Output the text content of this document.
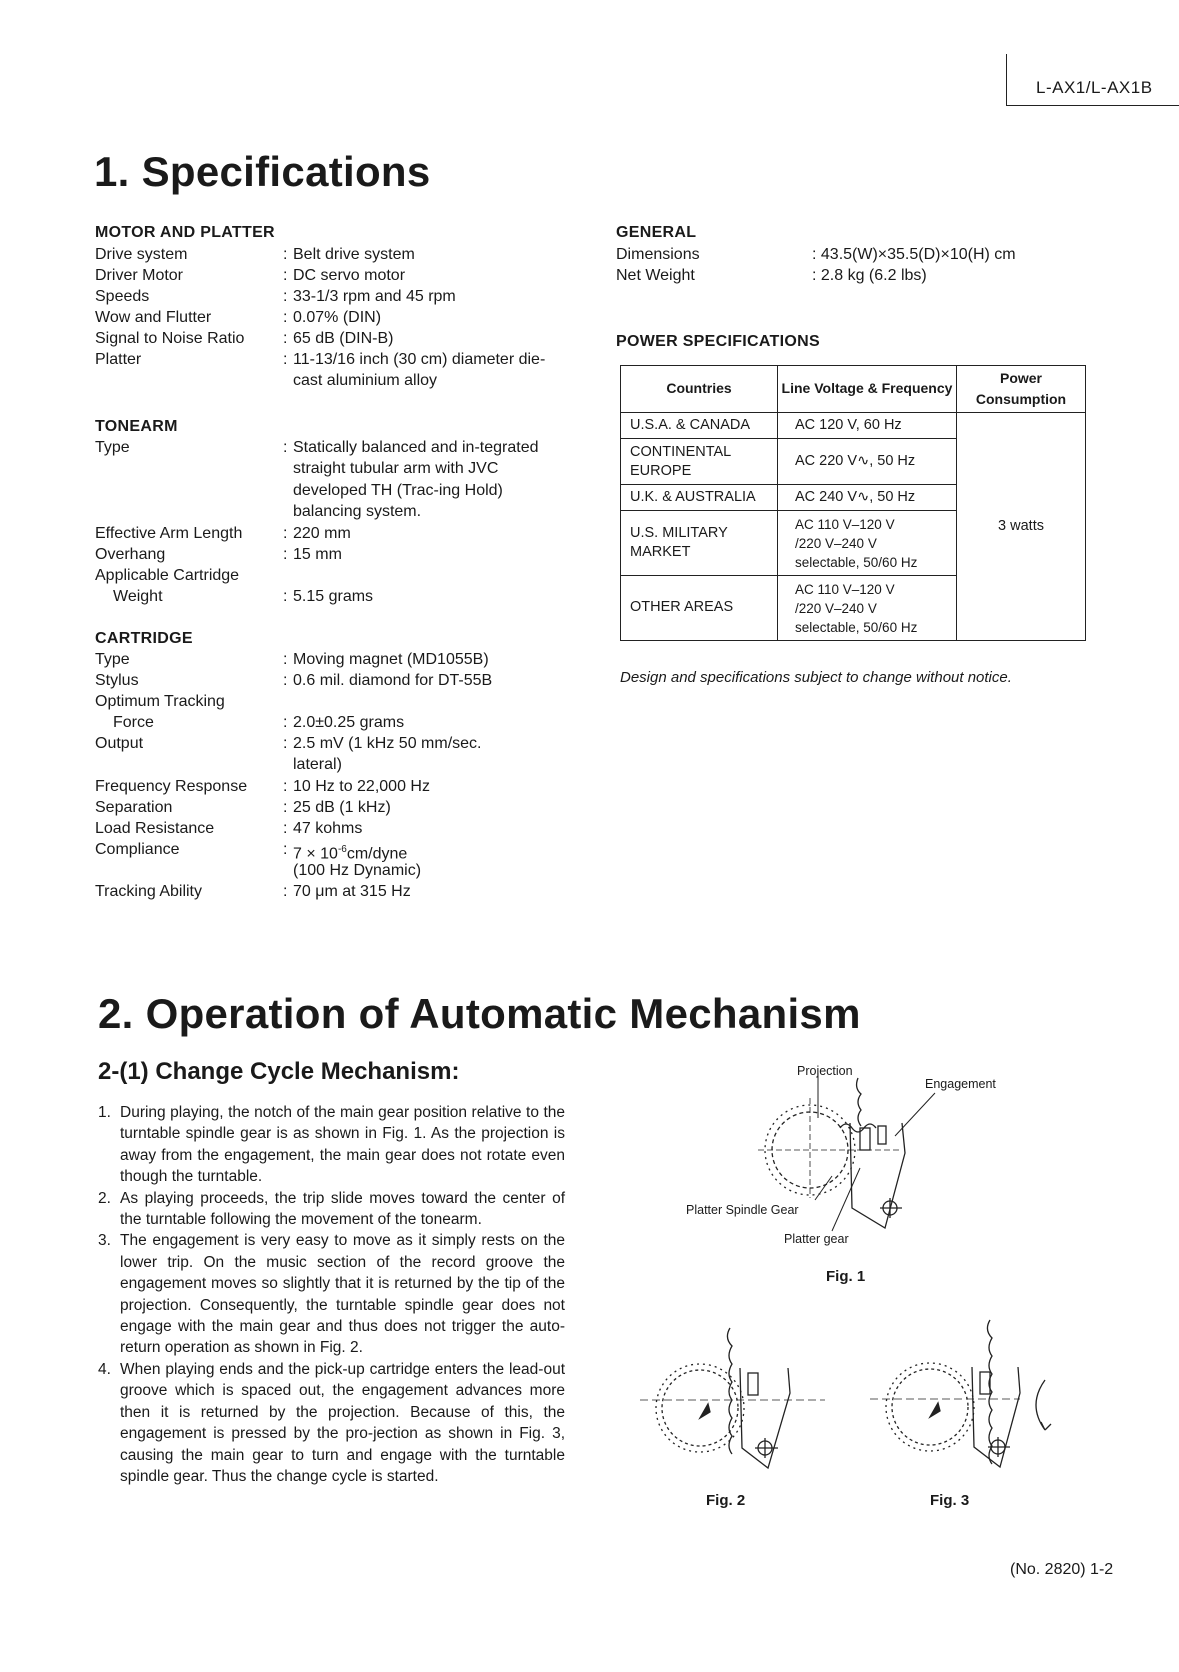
L-AX1/L-AX1B
1. Specifications
MOTOR AND PLATTER
Drive system	: Belt drive system
Driver Motor	: DC servo motor
Speeds	: 33-1/3 rpm and 45 rpm
Wow and Flutter	: 0.07% (DIN)
Signal to Noise Ratio : 65 dB (DIN-B)
Platter	: 11-13/16 inch (30 cm) diameter die-cast aluminium alloy
TONEARM
Type	: Statically balanced and in-tegrated straight tubular arm with JVC developed TH (Trac-ing Hold) balancing system.
Effective Arm Length	: 220 mm
Overhang	: 15 mm
Applicable Cartridge
Weight	: 5.15 grams
CARTRIDGE
Type	: Moving magnet (MD1055B)
Stylus	: 0.6 mil. diamond for DT-55B
Optimum Tracking
Force	: 2.0±0.25 grams
Output	: 2.5 mV (1 kHz 50 mm/sec. lateral)
Frequency Response : 10 Hz to 22,000 Hz
Separation	: 25 dB (1 kHz)
Load Resistance	: 47 kohms
Compliance	: $7 \times 10^{-6}cm$/dyne
(100 Hz Dynamic)
Tracking Ability	: 70 μm at 315 Hz
GENERAL
Dimensions	: 43.5(W)×35.5(D)×10(H) cm
Net Weight	: 2.8 kg (6.2 lbs)
POWER SPECIFICATIONS
Countries	Line Voltage & Frequency	Power
Consumption
U.S.A. & CANADA	AC 120 V, 60 Hz	3 watts
CONTINENTAL EUROPE	AC 220 V∿, 50 Hz	
U.K. & AUSTRALIA	AC 240 V∿, 50 Hz	
U.S. MILITARY MARKET	AC 110 V–120 V
/220 V–240 V
selectable, 50/60 Hz	
OTHER AREAS	AC 110 V–120 V
/220 V–240 V
selectable, 50/60 Hz	
Design and specifications subject to change without notice.
2. Operation of Automatic Mechanism
2-(1) Change Cycle Mechanism:
1. During playing, the notch of the main gear position relative to the turntable spindle gear is as shown in Fig. 1. As the projection is away from the engagement, the main gear does not rotate even though the turntable.
2. As playing proceeds, the trip slide moves toward the center of the turntable following the movement of the tonearm.
3. The engagement is very easy to move as it simply rests on the lower trip. On the music section of the record groove the engagement moves so slightly that it is returned by the tip of the projection. Consequently, the turntable spindle gear does not engage with the main gear and thus does not trigger the auto-return operation as shown in Fig. 2.
4. When playing ends and the pick-up cartridge enters the lead-out groove which is spaced out, the engagement advances more then it is returned by the projection. Because of this, the engagement is pressed by the pro-jection as shown in Fig. 3, causing the main gear to turn and engage with the turntable spindle gear. Thus the change cycle is started.
Projection
Engagement
Platter Spindle Gear
Platter gear
Fig. 1
Fig. 2	Fig. 3
(No. 2820) 1-2
